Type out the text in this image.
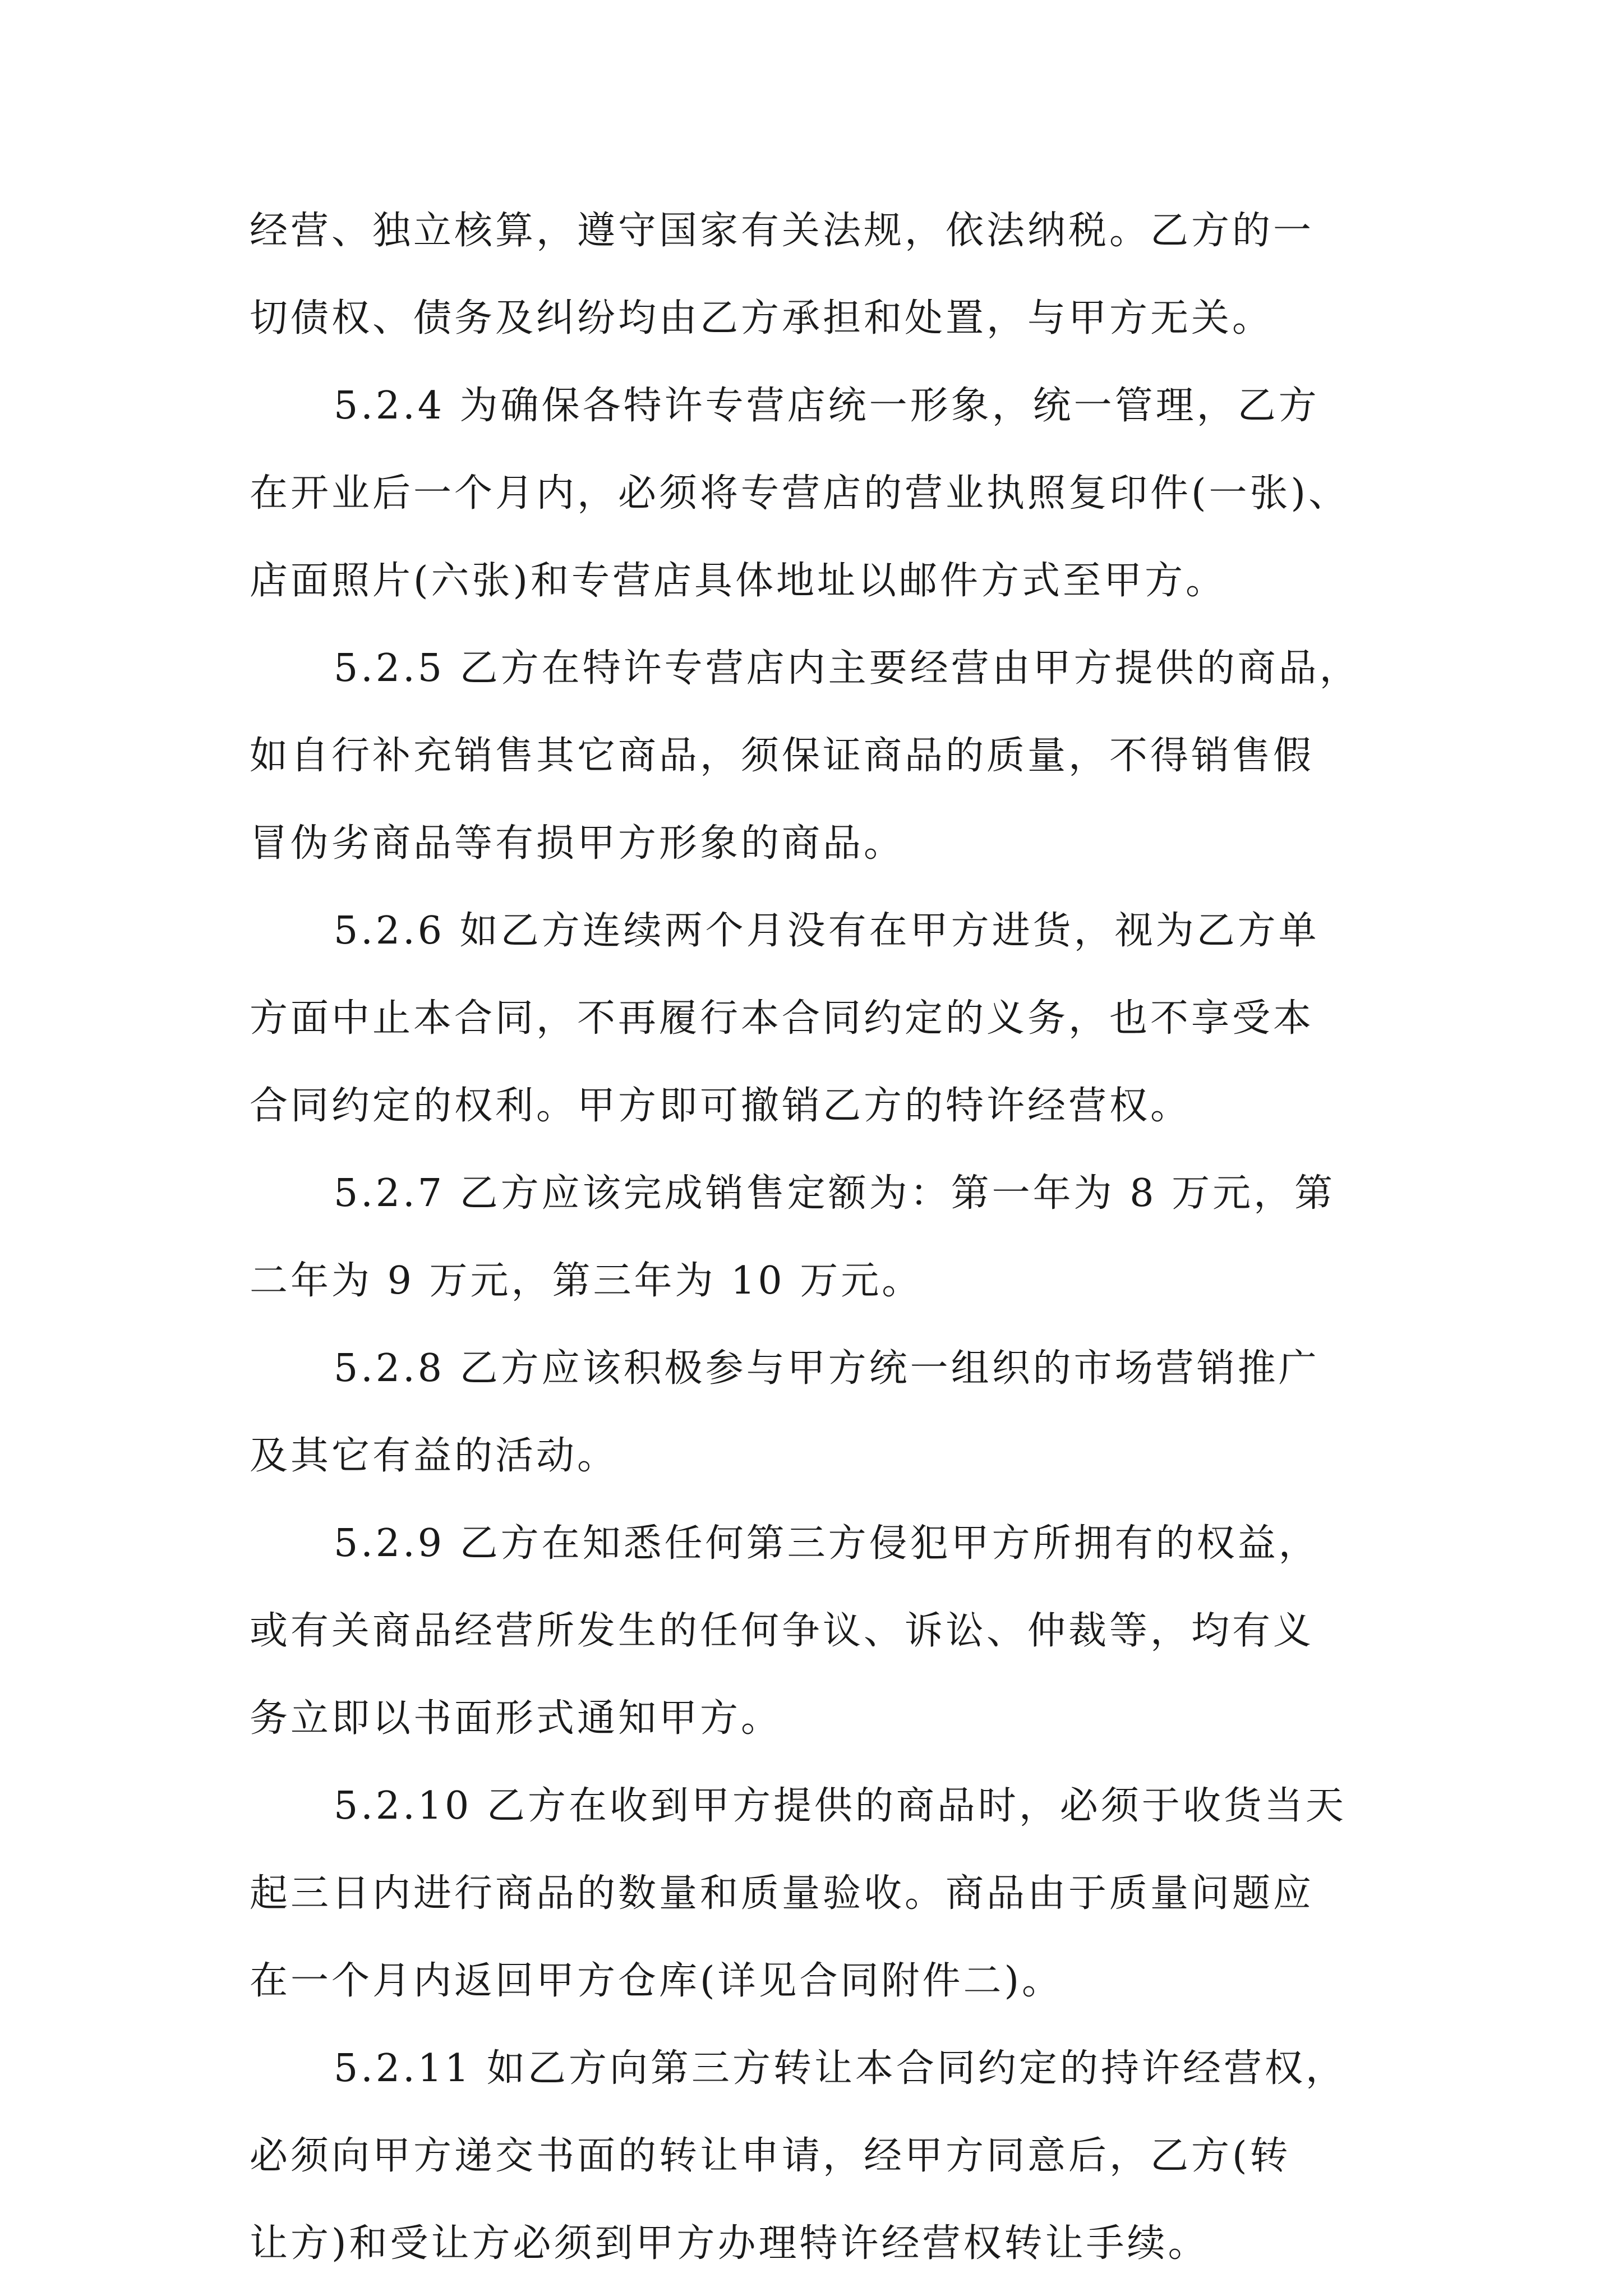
经营、独立核算，遵守国家有关法规，依法纳税。乙方的一
切债权、债务及纠纷均由乙方承担和处置，与甲方无关。
5.2.4 为确保各特许专营店统一形象，统一管理，乙方
在开业后一个月内，必须将专营店的营业执照复印件(一张)、
店面照片(六张)和专营店具体地址以邮件方式至甲方。
5.2.5 乙方在特许专营店内主要经营由甲方提供的商品，
如自行补充销售其它商品，须保证商品的质量，不得销售假
冒伪劣商品等有损甲方形象的商品。
5.2.6 如乙方连续两个月没有在甲方进货，视为乙方单
方面中止本合同，不再履行本合同约定的义务，也不享受本
合同约定的权利。甲方即可撤销乙方的特许经营权。
5.2.7 乙方应该完成销售定额为：第一年为 8 万元，第
二年为 9 万元，第三年为 10 万元。
5.2.8 乙方应该积极参与甲方统一组织的市场营销推广
及其它有益的活动。
5.2.9 乙方在知悉任何第三方侵犯甲方所拥有的权益，
或有关商品经营所发生的任何争议、诉讼、仲裁等，均有义
务立即以书面形式通知甲方。
5.2.10 乙方在收到甲方提供的商品时，必须于收货当天
起三日内进行商品的数量和质量验收。商品由于质量问题应
在一个月内返回甲方仓库(详见合同附件二)。
5.2.11 如乙方向第三方转让本合同约定的持许经营权，
必须向甲方递交书面的转让申请，经甲方同意后，乙方(转
让方)和受让方必须到甲方办理特许经营权转让手续。
